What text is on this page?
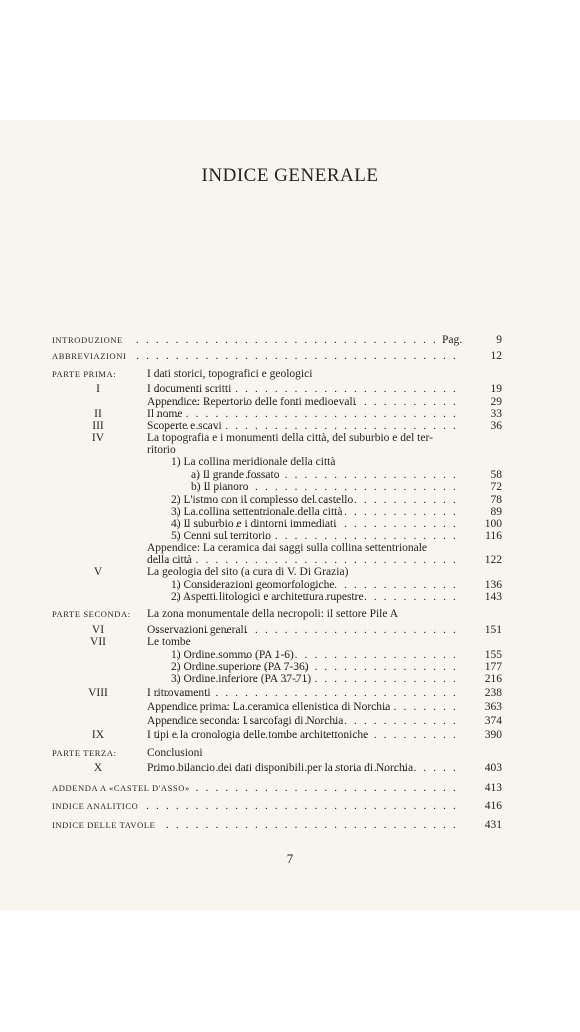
INDICE GENERALE
INTRODUZIONE . . .	Pag.	9
ABBREVIAZIONI . . .	12
PARTE PRIMA:	I dati storici, topografici e geologici
I	I documenti scritti . . .	19
Appendice: Repertorio delle fonti medioevali . . .	29
II	Il nome . . .	33
III	Scoperte e scavi . . .	36
IV	La topografia e i monumenti della città, del suburbio e del ter-
ritorio
1) La collina meridionale della città
a) Il grande fossato . . .	58
b) Il pianoro . . .	72
2) L'istmo con il complesso del castello . . .	78
3) La collina settentrionale della città . . .	89
4) Il suburbio e i dintorni immediati . . .	100
5) Cenni sul territorio . . .	116
Appendice: La ceramica dai saggi sulla collina settentrionale
della città . . .	122
V	La geologia del sito (a cura di V. Di Grazia)
1) Considerazioni geomorfologiche . . .	136
2) Aspetti litologici e architettura rupestre . . .	143
PARTE SECONDA: La zona monumentale della necropoli: il settore Pile A
VI	Osservazioni generali . . .	151
VII	Le tombe
1) Ordine sommo (PA 1-6) . . .	155
2) Ordine superiore (PA 7-36) . . .	177
3) Ordine inferiore (PA 37-71) . . .	216
VIII	I ritrovamenti . . .	238
Appendice prima: La ceramica ellenistica di Norchia . . .	363
Appendice seconda: I sarcofagi di Norchia . . .	374
IX	I tipi e la cronologia delle tombe architettoniche . . .	390
PARTE TERZA:	Conclusioni
X	Primo bilancio dei dati disponibili per la storia di Norchia . . .	403
ADDENDA A «CASTEL D'ASSO» . . .	413
INDICE ANALITICO . . .	416
INDICE DELLE TAVOLE . . .	431
7
